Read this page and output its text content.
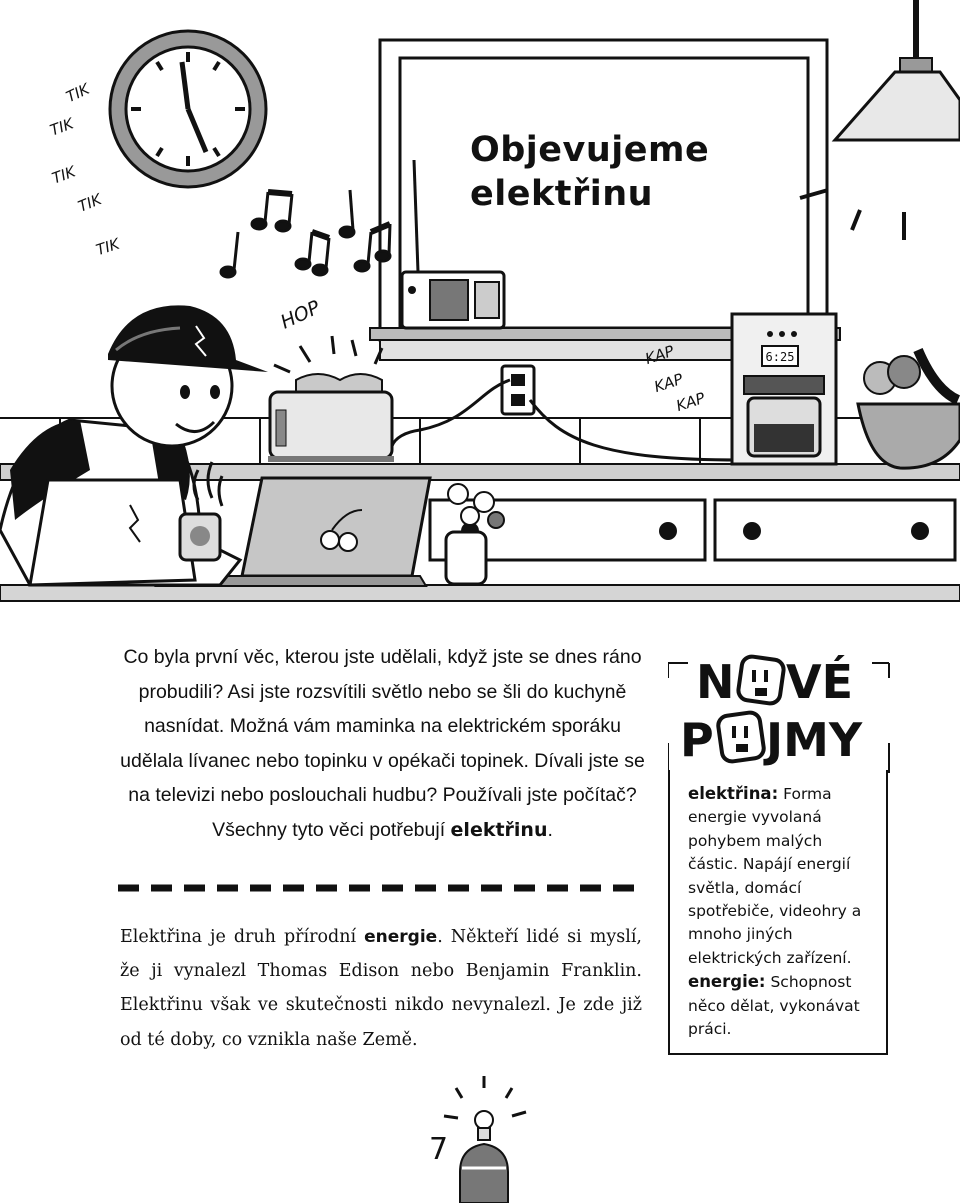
6:25
TIK
TIK
TIK
TIK
TIK
HOP
KAP
KAP
KAP
Objevujeme
elektřinu
Co byla první věc, kterou jste udělali, když jste se dnes ráno probudili? Asi jste rozsvítili světlo nebo se šli do kuchyně nasnídat. Možná vám maminka na elektrickém sporáku udělala lívanec nebo topinku v opékači topinek. Dívali jste se na televizi nebo poslouchali hudbu? Používali jste počítač? Všechny tyto věci potřebují elektřinu.
Elektřina je druh přírodní energie. Někteří lidé si myslí, že ji vynalezl Thomas Edison nebo Benjamin Franklin. Elektřinu však ve skutečnosti nikdo nevynalezl. Je zde již od té doby, co vznikla naše Země.
N VÉ
P JMY
elektřina: Forma energie vyvolaná pohybem malých částic. Napájí energií světla, domácí spotřebiče, videohry a mnoho jiných elektrických zařízení.
energie: Schopnost něco dělat, vykonávat práci.
7
